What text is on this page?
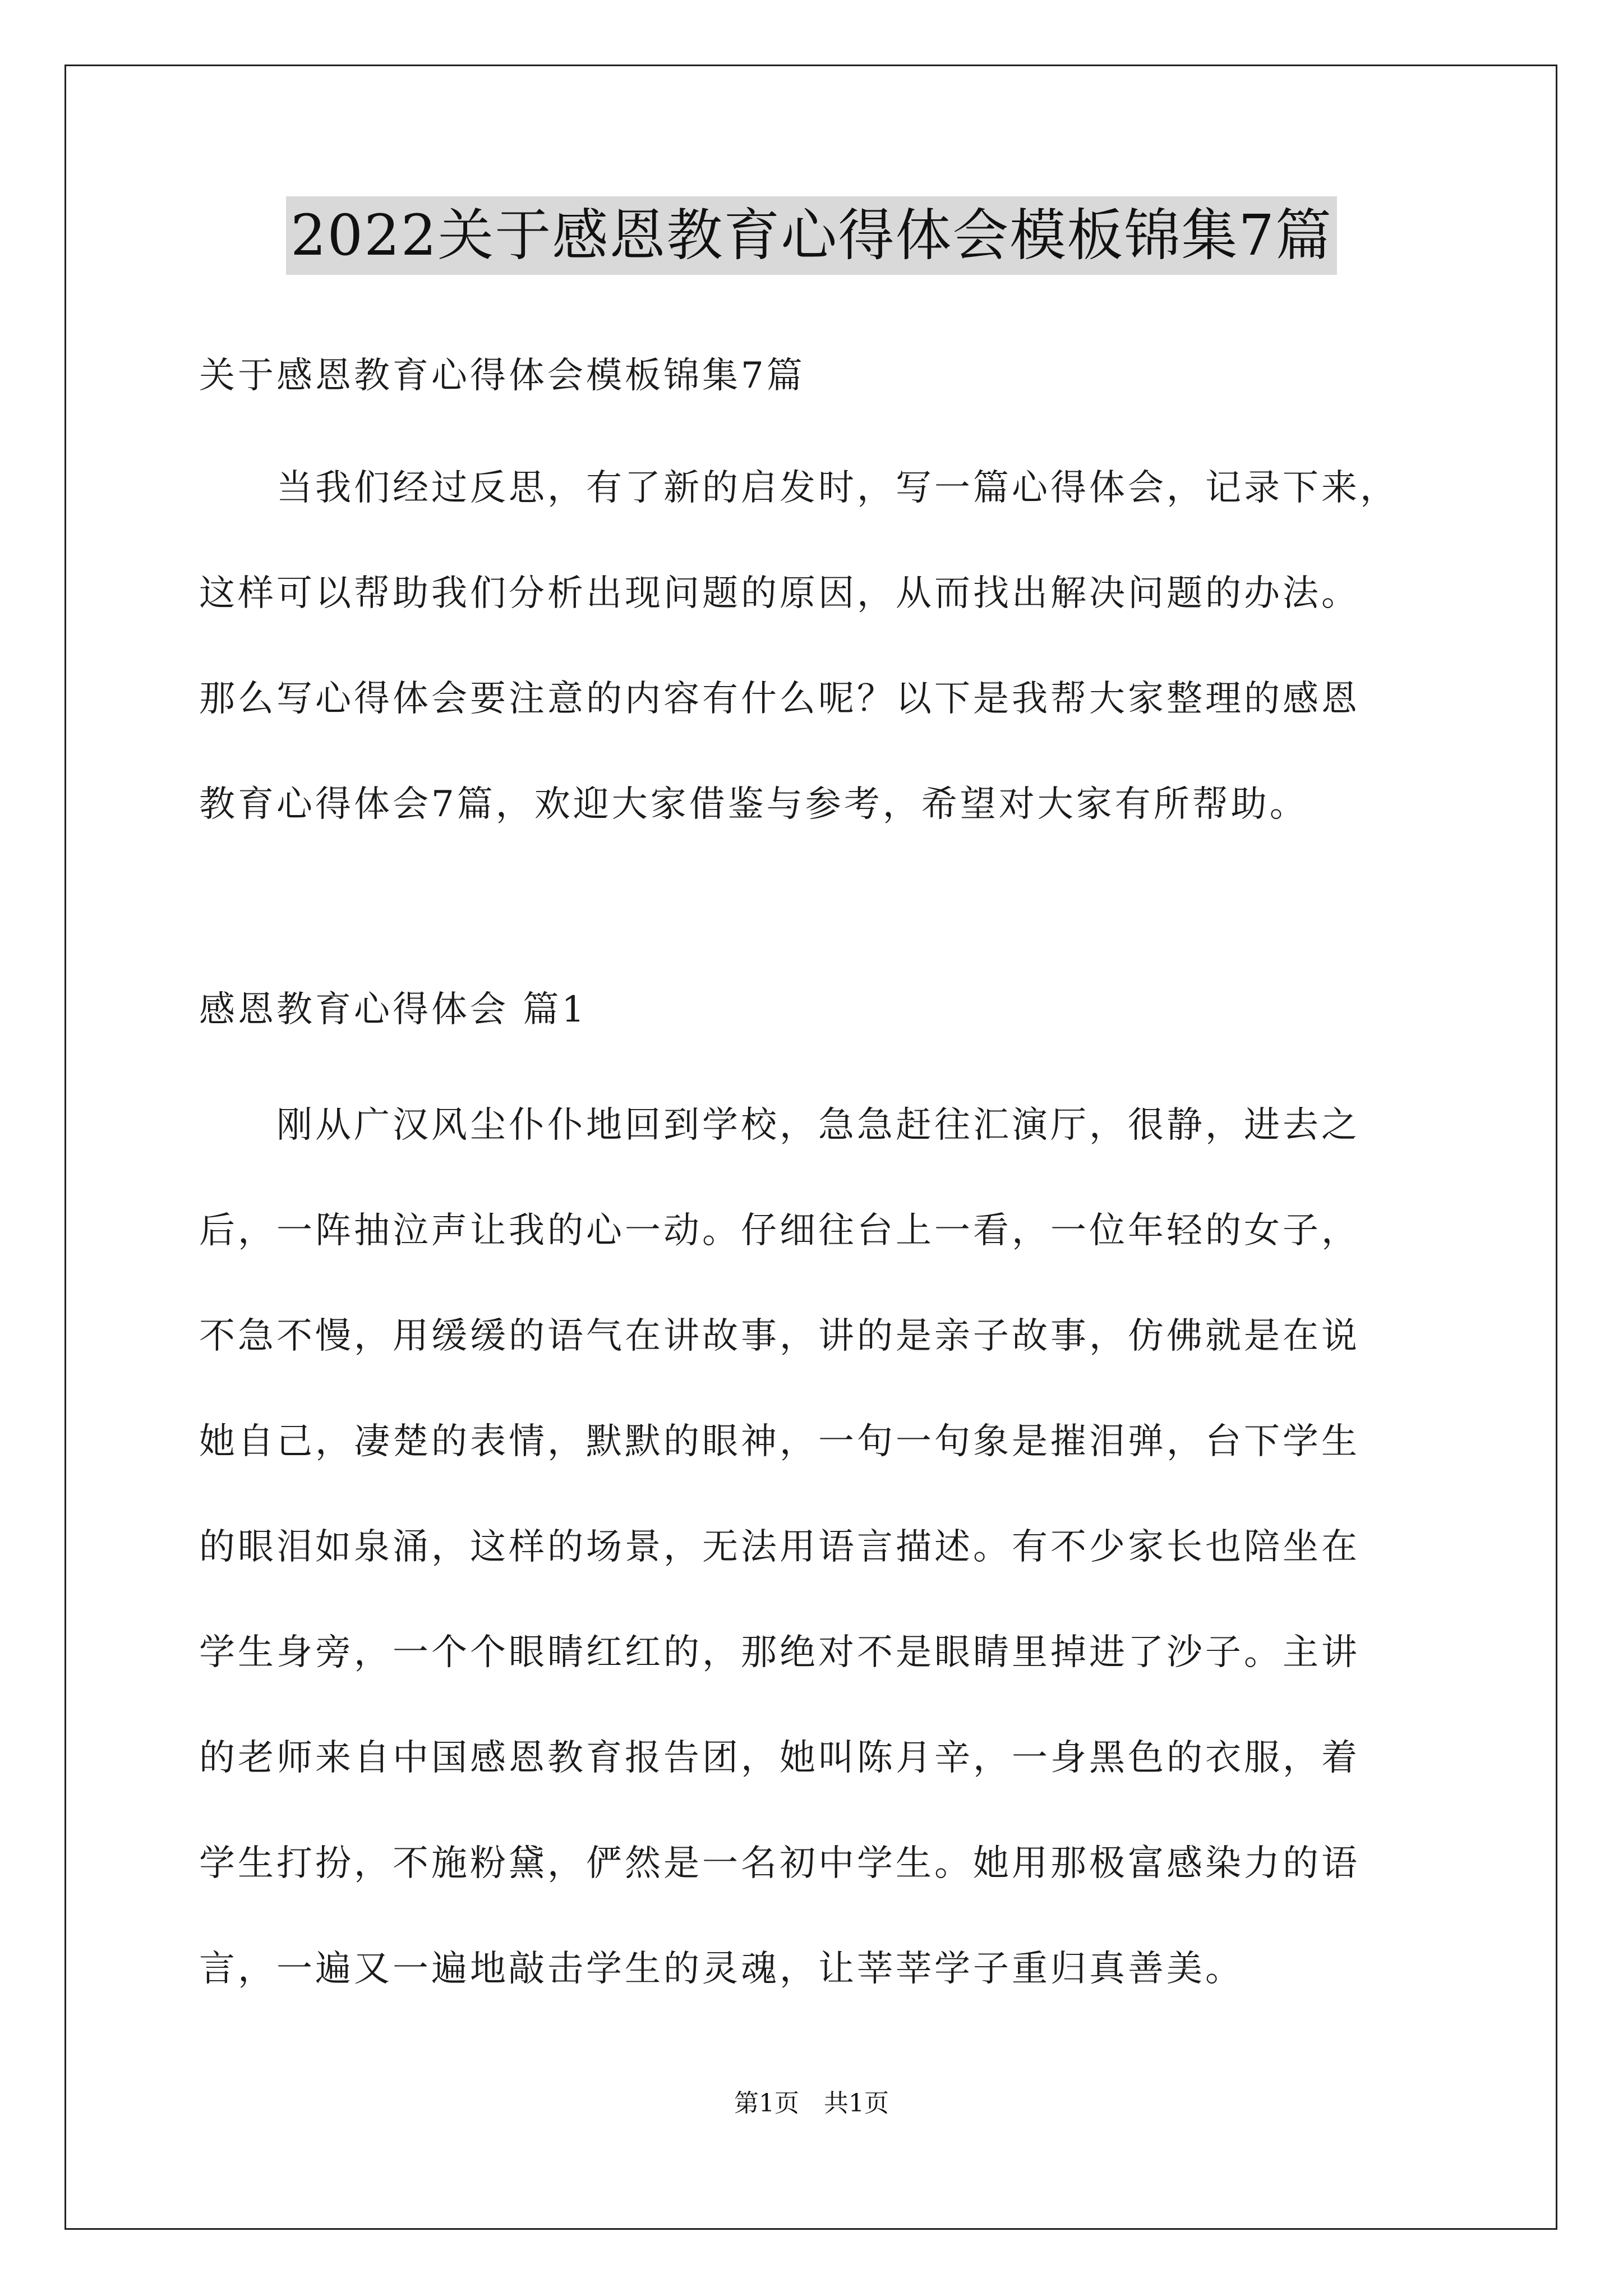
2022关于感恩教育心得体会模板锦集7篇
关于感恩教育心得体会模板锦集7篇
　　当我们经过反思，有了新的启发时，写一篇心得体会，记录下来，
这样可以帮助我们分析出现问题的原因，从而找出解决问题的办法。
那么写心得体会要注意的内容有什么呢？以下是我帮大家整理的感恩
教育心得体会7篇，欢迎大家借鉴与参考，希望对大家有所帮助。
感恩教育心得体会 篇1
　　刚从广汉风尘仆仆地回到学校，急急赶往汇演厅，很静，进去之
后，一阵抽泣声让我的心一动。仔细往台上一看，一位年轻的女子，
不急不慢，用缓缓的语气在讲故事，讲的是亲子故事，仿佛就是在说
她自己，凄楚的表情，默默的眼神，一句一句象是摧泪弹，台下学生
的眼泪如泉涌，这样的场景，无法用语言描述。有不少家长也陪坐在
学生身旁，一个个眼睛红红的，那绝对不是眼睛里掉进了沙子。主讲
的老师来自中国感恩教育报告团，她叫陈月辛，一身黑色的衣服，着
学生打扮，不施粉黛，俨然是一名初中学生。她用那极富感染力的语
言，一遍又一遍地敲击学生的灵魂，让莘莘学子重归真善美。
第1页　共1页
